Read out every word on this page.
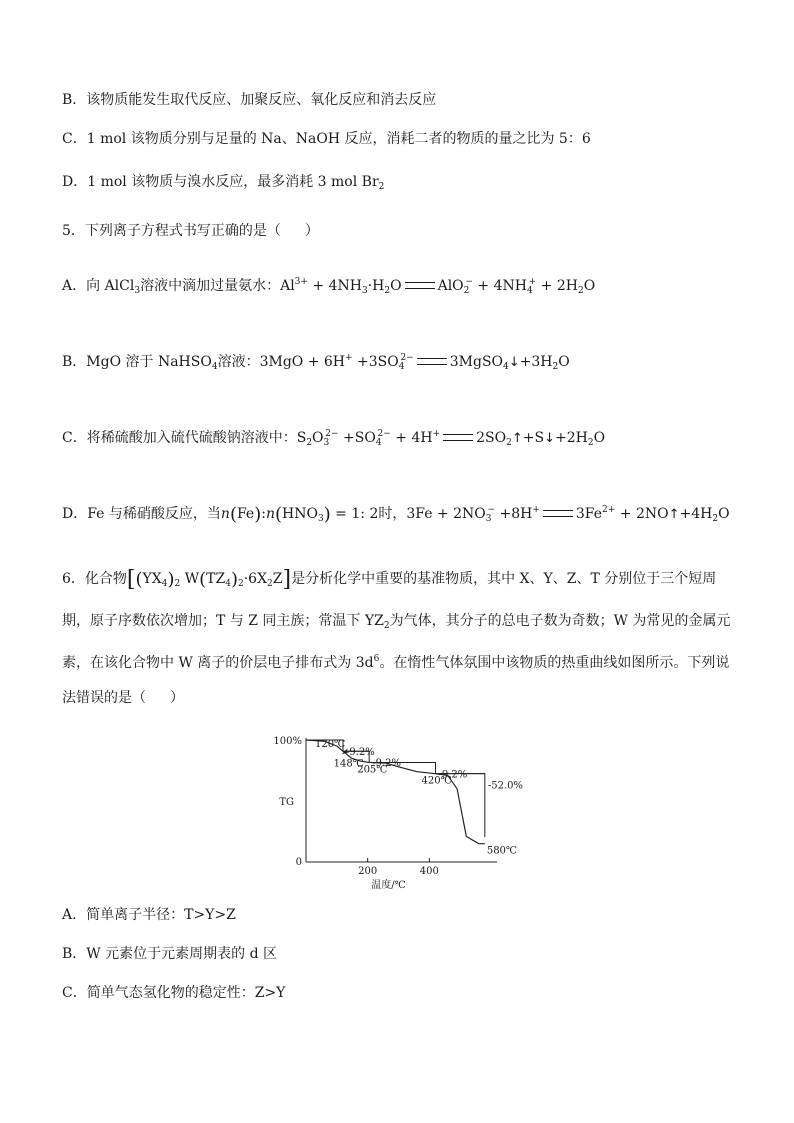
B．该物质能发生取代反应、加聚反应、氧化反应和消去反应
C．1 mol 该物质分别与足量的 Na、NaOH 反应，消耗二者的物质的量之比为 5：6
D．1 mol 该物质与溴水反应，最多消耗 3 mol $Br_2$
5．下列离子方程式书写正确的是（ ）
A．向 AlCl$_3$溶液中滴加过量氨水：$Al^{3+} + 4NH_3\cdot H_2O$	$AlO_2^- + 4NH_4^+ + 2H_2O$
B．MgO 溶于 NaHSO$_4$溶液：$3MgO + 6H^+ +3SO_4^{2-}$	$3MgSO_4↓+3H_2O$
C．将稀硫酸加入硫代硫酸钠溶液中：$S_2O_3^{2-} +SO_4^{2-} + 4H^+$	$2SO_2↑+S↓+2H_2O$
D．Fe 与稀硝酸反应，当$n(Fe):n(HNO_3) = 1$: 2时，$3Fe + 2NO_3^- +8H^+$	$3Fe^{2+}$ + $2NO↑+4H_2O$
6．化合物[$(YX_4)_2$ $W(TZ_4)_2\cdot 6X_2Z$]是分析化学中重要的基准物质，其中 X、Y、Z、T 分别位于三个短周
期，原子序数依次增加；T 与 Z 同主族；常温下 $YZ_2$为气体，其分子的总电子数为奇数；W 为常见的金属元
素，在该化合物中 W 离子的价层电子排布式为 $3d^6$。在惰性气体氛围中该物质的热重曲线如图所示。下列说
法错误的是（ ）
100%
0
TG
200	400
温度/℃
-9.2%
-9.2%
-9.2%
-52.0%
120℃
148℃
205℃
420℃
580℃
A．简单离子半径：T>Y>Z
B．W 元素位于元素周期表的 d 区
C．简单气态氢化物的稳定性：Z>Y
